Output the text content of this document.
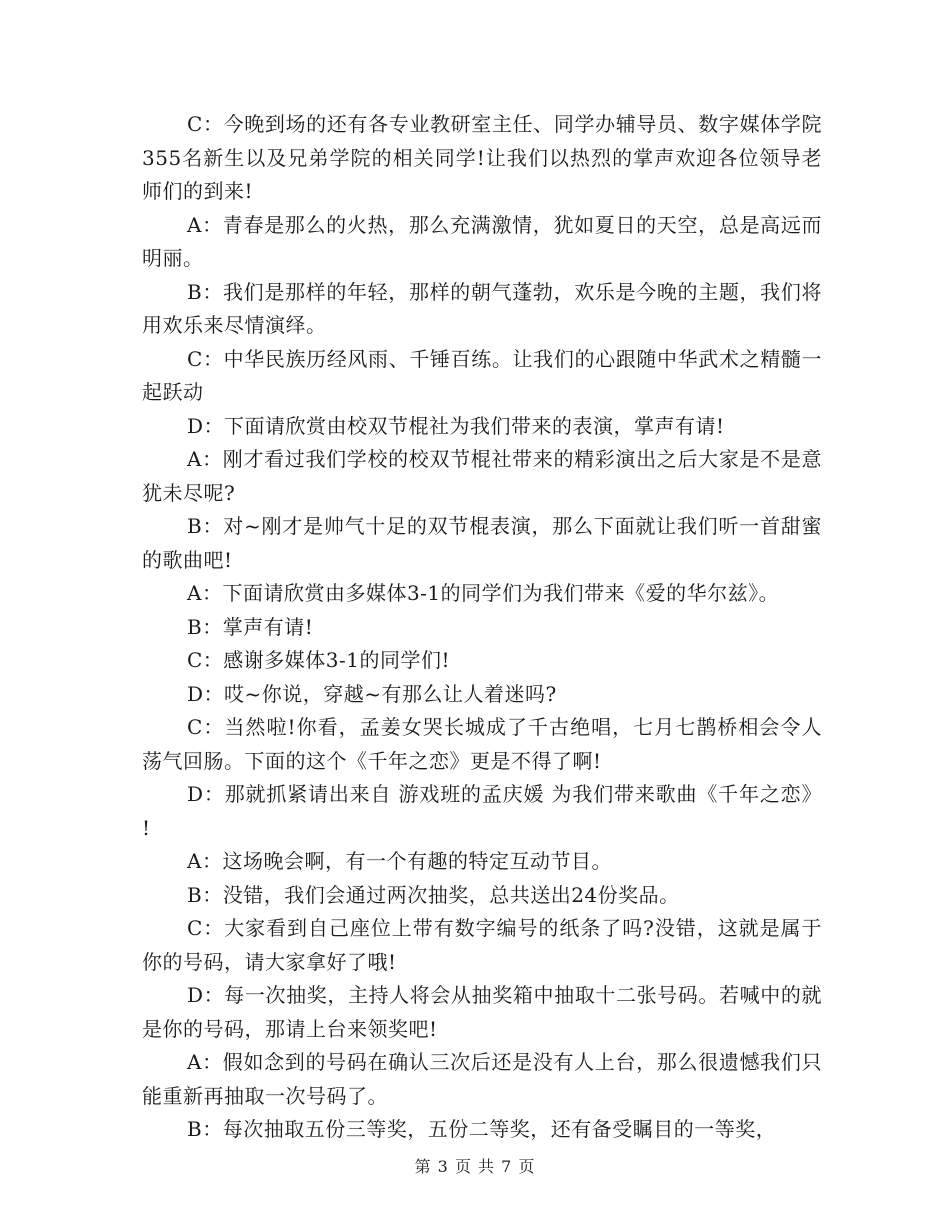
C：今晚到场的还有各专业教研室主任、同学办辅导员、数字媒体学院355名新生以及兄弟学院的相关同学!让我们以热烈的掌声欢迎各位领导老师们的到来!

A：青春是那么的火热，那么充满激情，犹如夏日的天空，总是高远而明丽。

B：我们是那样的年轻，那样的朝气蓬勃，欢乐是今晚的主题，我们将用欢乐来尽情演绎。

C：中华民族历经风雨、千锤百练。让我们的心跟随中华武术之精髓一起跃动

D：下面请欣赏由校双节棍社为我们带来的表演，掌声有请!

A：刚才看过我们学校的校双节棍社带来的精彩演出之后大家是不是意犹未尽呢?

B：对~刚才是帅气十足的双节棍表演，那么下面就让我们听一首甜蜜的歌曲吧!

A：下面请欣赏由多媒体3-1的同学们为我们带来《爱的华尔兹》。

B：掌声有请!

C：感谢多媒体3-1的同学们!

D：哎~你说，穿越~有那么让人着迷吗?

C：当然啦!你看，孟姜女哭长城成了千古绝唱，七月七鹊桥相会令人荡气回肠。下面的这个《千年之恋》更是不得了啊!

D：那就抓紧请出来自 游戏班的孟庆媛 为我们带来歌曲《千年之恋》 !

A：这场晚会啊，有一个有趣的特定互动节目。

B：没错，我们会通过两次抽奖，总共送出24份奖品。

C：大家看到自己座位上带有数字编号的纸条了吗?没错，这就是属于你的号码，请大家拿好了哦!

D：每一次抽奖，主持人将会从抽奖箱中抽取十二张号码。若喊中的就是你的号码，那请上台来领奖吧!

A：假如念到的号码在确认三次后还是没有人上台，那么很遗憾我们只能重新再抽取一次号码了。

B：每次抽取五份三等奖，五份二等奖，还有备受瞩目的一等奖，

第 3 页 共 7 页
